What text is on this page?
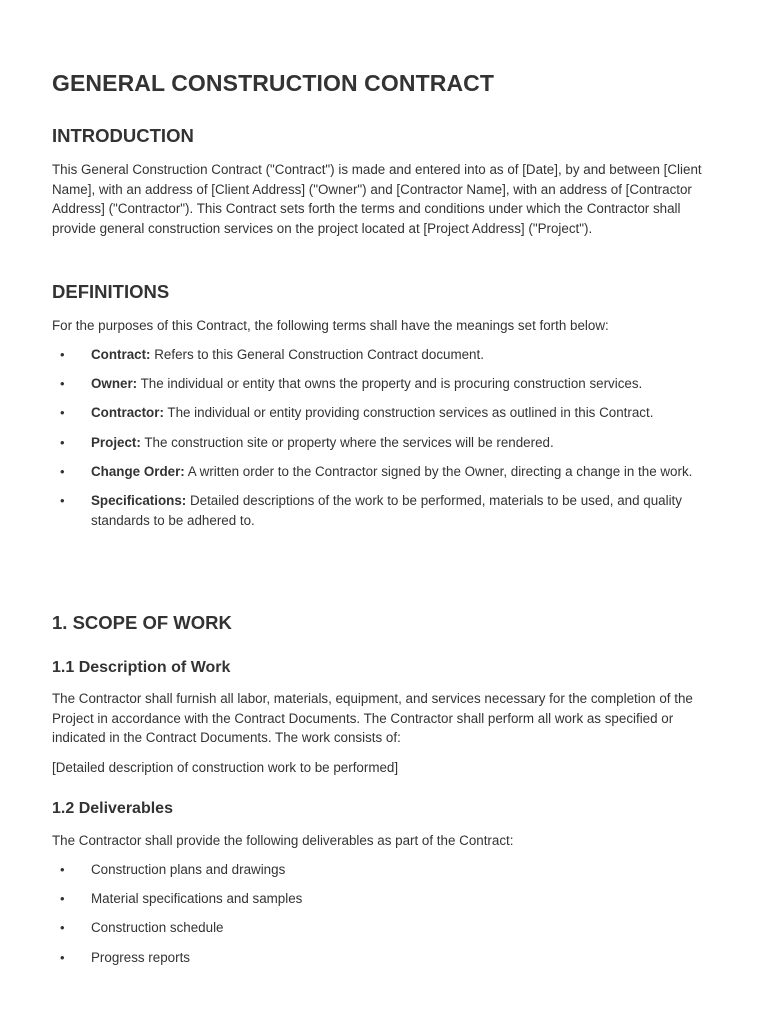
GENERAL CONSTRUCTION CONTRACT
INTRODUCTION

This General Construction Contract ("Contract") is made and entered into as of [Date], by and between [Client Name], with an address of [Client Address] ("Owner") and [Contractor Name], with an address of [Contractor Address] ("Contractor"). This Contract sets forth the terms and conditions under which the Contractor shall provide general construction services on the project located at [Project Address] ("Project").

DEFINITIONS

For the purposes of this Contract, the following terms shall have the meanings set forth below:

• Contract: Refers to this General Construction Contract document.
• Owner: The individual or entity that owns the property and is procuring construction services.
• Contractor: The individual or entity providing construction services as outlined in this Contract.
• Project: The construction site or property where the services will be rendered.
• Change Order: A written order to the Contractor signed by the Owner, directing a change in the work.
• Specifications: Detailed descriptions of the work to be performed, materials to be used, and quality standards to be adhered to.
1. SCOPE OF WORK
1.1 Description of Work

The Contractor shall furnish all labor, materials, equipment, and services necessary for the completion of the Project in accordance with the Contract Documents. The Contractor shall perform all work as specified or indicated in the Contract Documents. The work consists of:

[Detailed description of construction work to be performed]

1.2 Deliverables

The Contractor shall provide the following deliverables as part of the Contract:

• Construction plans and drawings
• Material specifications and samples
• Construction schedule
• Progress reports
